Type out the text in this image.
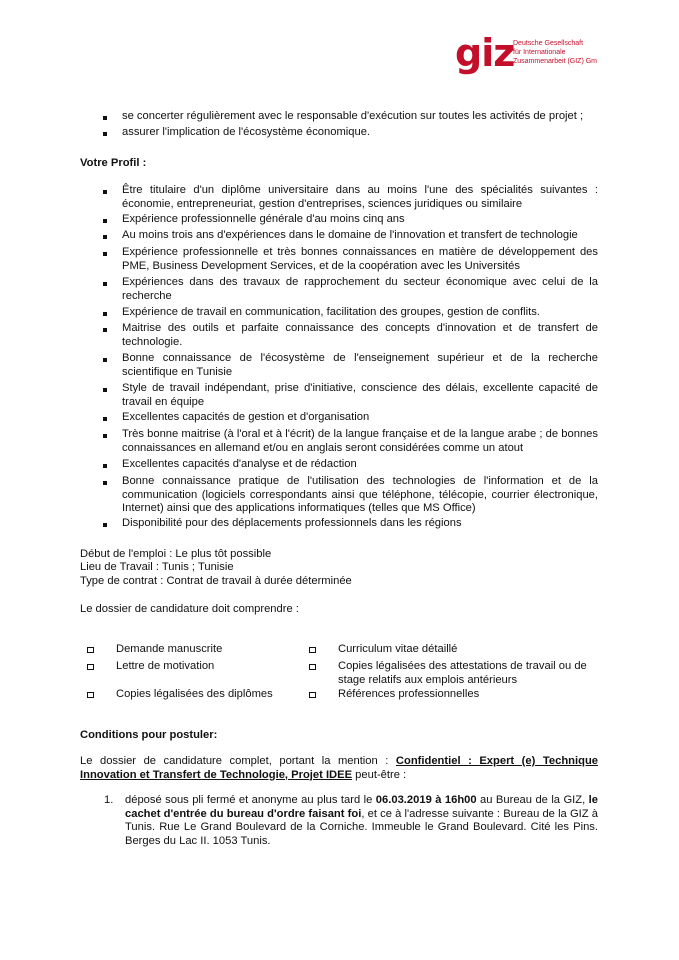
giz
Deutsche Gesellschaft
für Internationale
Zusammenarbeit (GIZ) Gm
se concerter régulièrement avec le responsable d'exécution sur toutes les activités de projet ;
assurer l'implication de l'écosystème économique.
Votre Profil :
Être titulaire d'un diplôme universitaire dans au moins l'une des spécialités suivantes : économie, entrepreneuriat, gestion d'entreprises, sciences juridiques ou similaire
Expérience professionnelle générale d'au moins cinq ans
Au moins trois ans d'expériences dans le domaine de l'innovation et transfert de technologie
Expérience professionnelle et très bonnes connaissances en matière de développement des PME, Business Development Services, et de la coopération avec les Universités
Expériences dans des travaux de rapprochement du secteur économique avec celui de la recherche
Expérience de travail en communication, facilitation des groupes, gestion de conflits.
Maitrise des outils et parfaite connaissance des concepts d'innovation et de transfert de technologie.
Bonne connaissance de l'écosystème de l'enseignement supérieur et de la recherche scientifique en Tunisie
Style de travail indépendant, prise d'initiative, conscience des délais, excellente capacité de travail en équipe
Excellentes capacités de gestion et d'organisation
Très bonne maitrise (à l'oral et à l'écrit) de la langue française et de la langue arabe ; de bonnes connaissances en allemand et/ou en anglais seront considérées comme un atout
Excellentes capacités d'analyse et de rédaction
Bonne connaissance pratique de l'utilisation des technologies de l'information et de la communication (logiciels correspondants ainsi que téléphone, télécopie, courrier électronique, Internet) ainsi que des applications informatiques (telles que MS Office)
Disponibilité pour des déplacements professionnels dans les régions
Début de l'emploi : Le plus tôt possible
Lieu de Travail : Tunis ; Tunisie
Type de contrat : Contrat de travail à durée déterminée
Le dossier de candidature doit comprendre :
Demande manuscrite
Lettre de motivation
Copies légalisées des diplômes
Curriculum vitae détaillé
Copies légalisées des attestations de travail ou de stage relatifs aux emplois antérieurs
Références professionnelles
Conditions pour postuler:
Le dossier de candidature complet, portant la mention : Confidentiel : Expert (e) Technique Innovation et Transfert de Technologie, Projet IDEE peut-être :
1. déposé sous pli fermé et anonyme au plus tard le 06.03.2019 à 16h00 au Bureau de la GIZ, le cachet d'entrée du bureau d'ordre faisant foi, et ce à l'adresse suivante : Bureau de la GIZ à Tunis. Rue Le Grand Boulevard de la Corniche. Immeuble le Grand Boulevard. Cité les Pins. Berges du Lac II. 1053 Tunis.
